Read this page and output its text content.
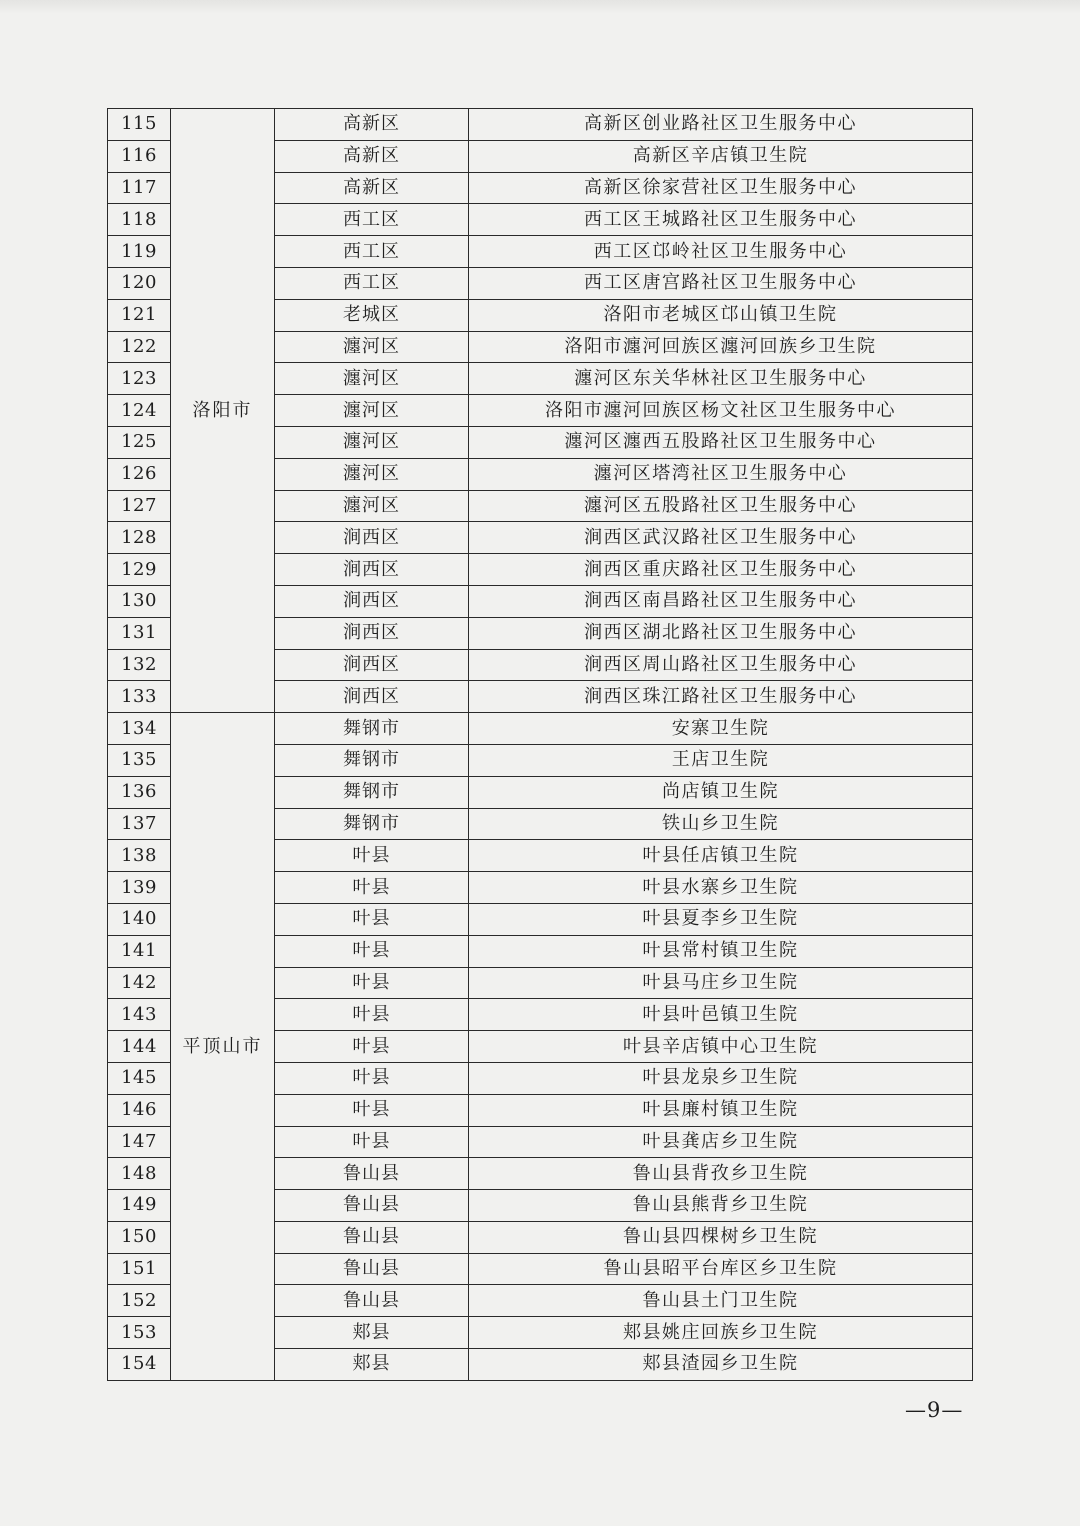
115	洛阳市	高新区	高新区创业路社区卫生服务中心
116		高新区	高新区辛店镇卫生院
117		高新区	高新区徐家营社区卫生服务中心
118		西工区	西工区王城路社区卫生服务中心
119		西工区	西工区邙岭社区卫生服务中心
120		西工区	西工区唐宫路社区卫生服务中心
121		老城区	洛阳市老城区邙山镇卫生院
122		瀍河区	洛阳市瀍河回族区瀍河回族乡卫生院
123		瀍河区	瀍河区东关华林社区卫生服务中心
124		瀍河区	洛阳市瀍河回族区杨文社区卫生服务中心
125		瀍河区	瀍河区瀍西五股路社区卫生服务中心
126		瀍河区	瀍河区塔湾社区卫生服务中心
127		瀍河区	瀍河区五股路社区卫生服务中心
128		涧西区	涧西区武汉路社区卫生服务中心
129		涧西区	涧西区重庆路社区卫生服务中心
130		涧西区	涧西区南昌路社区卫生服务中心
131		涧西区	涧西区湖北路社区卫生服务中心
132		涧西区	涧西区周山路社区卫生服务中心
133		涧西区	涧西区珠江路社区卫生服务中心
134	平顶山市	舞钢市	安寨卫生院
135		舞钢市	王店卫生院
136		舞钢市	尚店镇卫生院
137		舞钢市	铁山乡卫生院
138		叶县	叶县任店镇卫生院
139		叶县	叶县水寨乡卫生院
140		叶县	叶县夏李乡卫生院
141		叶县	叶县常村镇卫生院
142		叶县	叶县马庄乡卫生院
143		叶县	叶县叶邑镇卫生院
144		叶县	叶县辛店镇中心卫生院
145		叶县	叶县龙泉乡卫生院
146		叶县	叶县廉村镇卫生院
147		叶县	叶县龚店乡卫生院
148		鲁山县	鲁山县背孜乡卫生院
149		鲁山县	鲁山县熊背乡卫生院
150		鲁山县	鲁山县四棵树乡卫生院
151		鲁山县	鲁山县昭平台库区乡卫生院
152		鲁山县	鲁山县土门卫生院
153		郏县	郏县姚庄回族乡卫生院
154		郏县	郏县渣园乡卫生院
—9—
